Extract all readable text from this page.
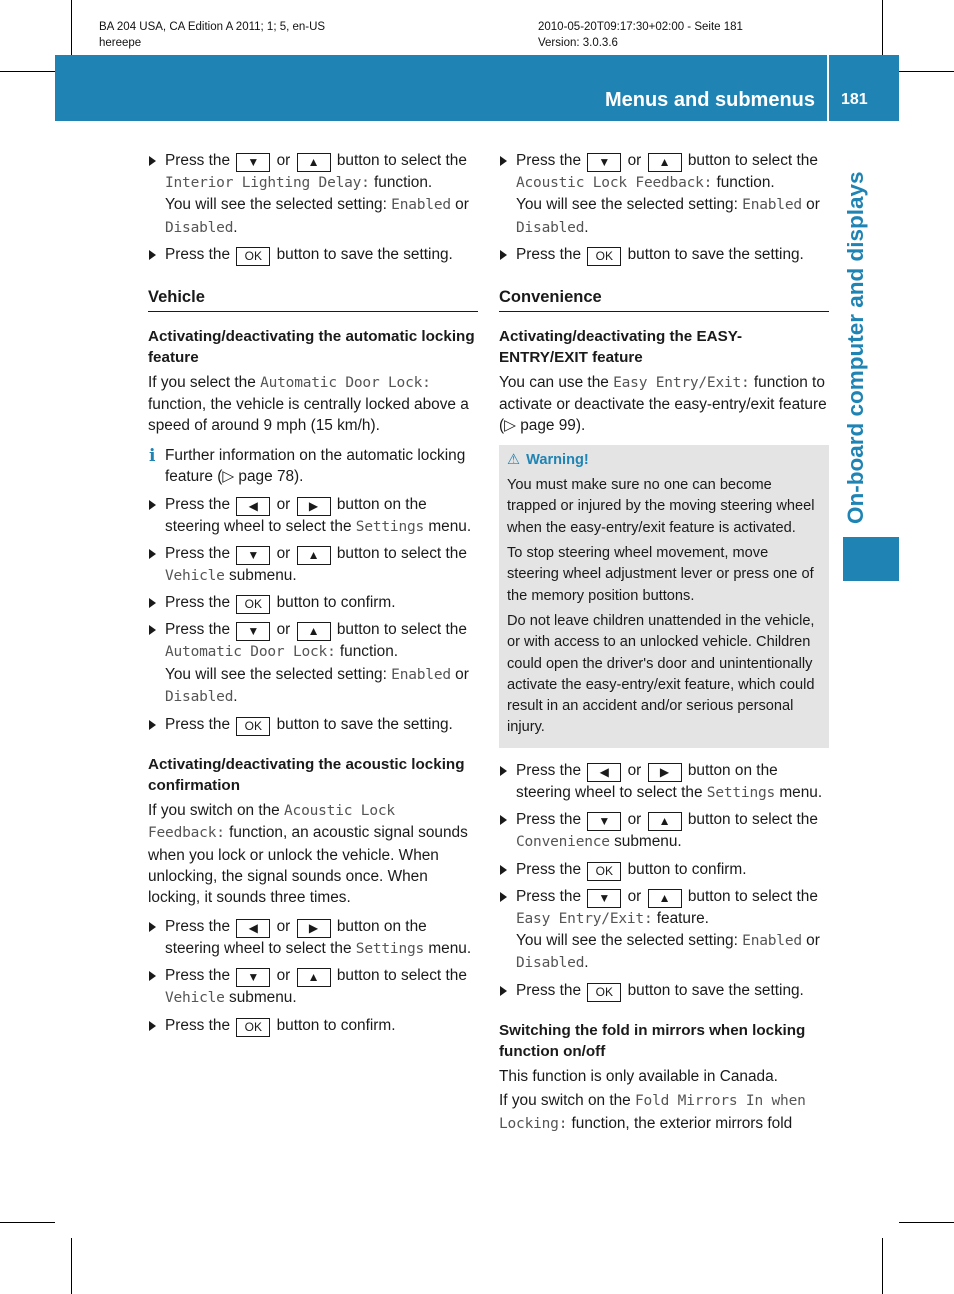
BA 204 USA, CA Edition A 2011; 1; 5, en-US
hereepe
2010-05-20T09:17:30+02:00 - Seite 181
Version: 3.0.3.6
Menus and submenus 181
On-board computer and displays
Press the ▼ or ▲ button to select the Interior Lighting Delay: function.
You will see the selected setting: Enabled or Disabled.
Press the OK button to save the setting.
Vehicle
Activating/deactivating the automatic locking feature
If you select the Automatic Door Lock: function, the vehicle is centrally locked above a speed of around 9 mph (15 km/h).
i Further information on the automatic locking feature (▷ page 78).
Press the ◀ or ▶ button on the steering wheel to select the Settings menu.
Press the ▼ or ▲ button to select the Vehicle submenu.
Press the OK button to confirm.
Press the ▼ or ▲ button to select the Automatic Door Lock: function.
You will see the selected setting: Enabled or Disabled.
Press the OK button to save the setting.
Activating/deactivating the acoustic locking confirmation
If you switch on the Acoustic Lock Feedback: function, an acoustic signal sounds when you lock or unlock the vehicle. When unlocking, the signal sounds once. When locking, it sounds three times.
Press the ◀ or ▶ button on the steering wheel to select the Settings menu.
Press the ▼ or ▲ button to select the Vehicle submenu.
Press the OK button to confirm.
Press the ▼ or ▲ button to select the Acoustic Lock Feedback: function.
You will see the selected setting: Enabled or Disabled.
Press the OK button to save the setting.
Convenience
Activating/deactivating the EASY-ENTRY/EXIT feature
You can use the Easy Entry/Exit: function to activate or deactivate the easy-entry/exit feature (▷ page 99).
⚠ Warning!

You must make sure no one can become trapped or injured by the moving steering wheel when the easy-entry/exit feature is activated.

To stop steering wheel movement, move steering wheel adjustment lever or press one of the memory position buttons.

Do not leave children unattended in the vehicle, or with access to an unlocked vehicle. Children could open the driver's door and unintentionally activate the easy-entry/exit feature, which could result in an accident and/or serious personal injury.

Press the ◀ or ▶ button on the steering wheel to select the Settings menu.
Press the ▼ or ▲ button to select the Convenience submenu.
Press the OK button to confirm.
Press the ▼ or ▲ button to select the Easy Entry/Exit: feature.
You will see the selected setting: Enabled or Disabled.
Press the OK button to save the setting.
Switching the fold in mirrors when locking function on/off
This function is only available in Canada.
If you switch on the Fold Mirrors In when Locking: function, the exterior mirrors fold
